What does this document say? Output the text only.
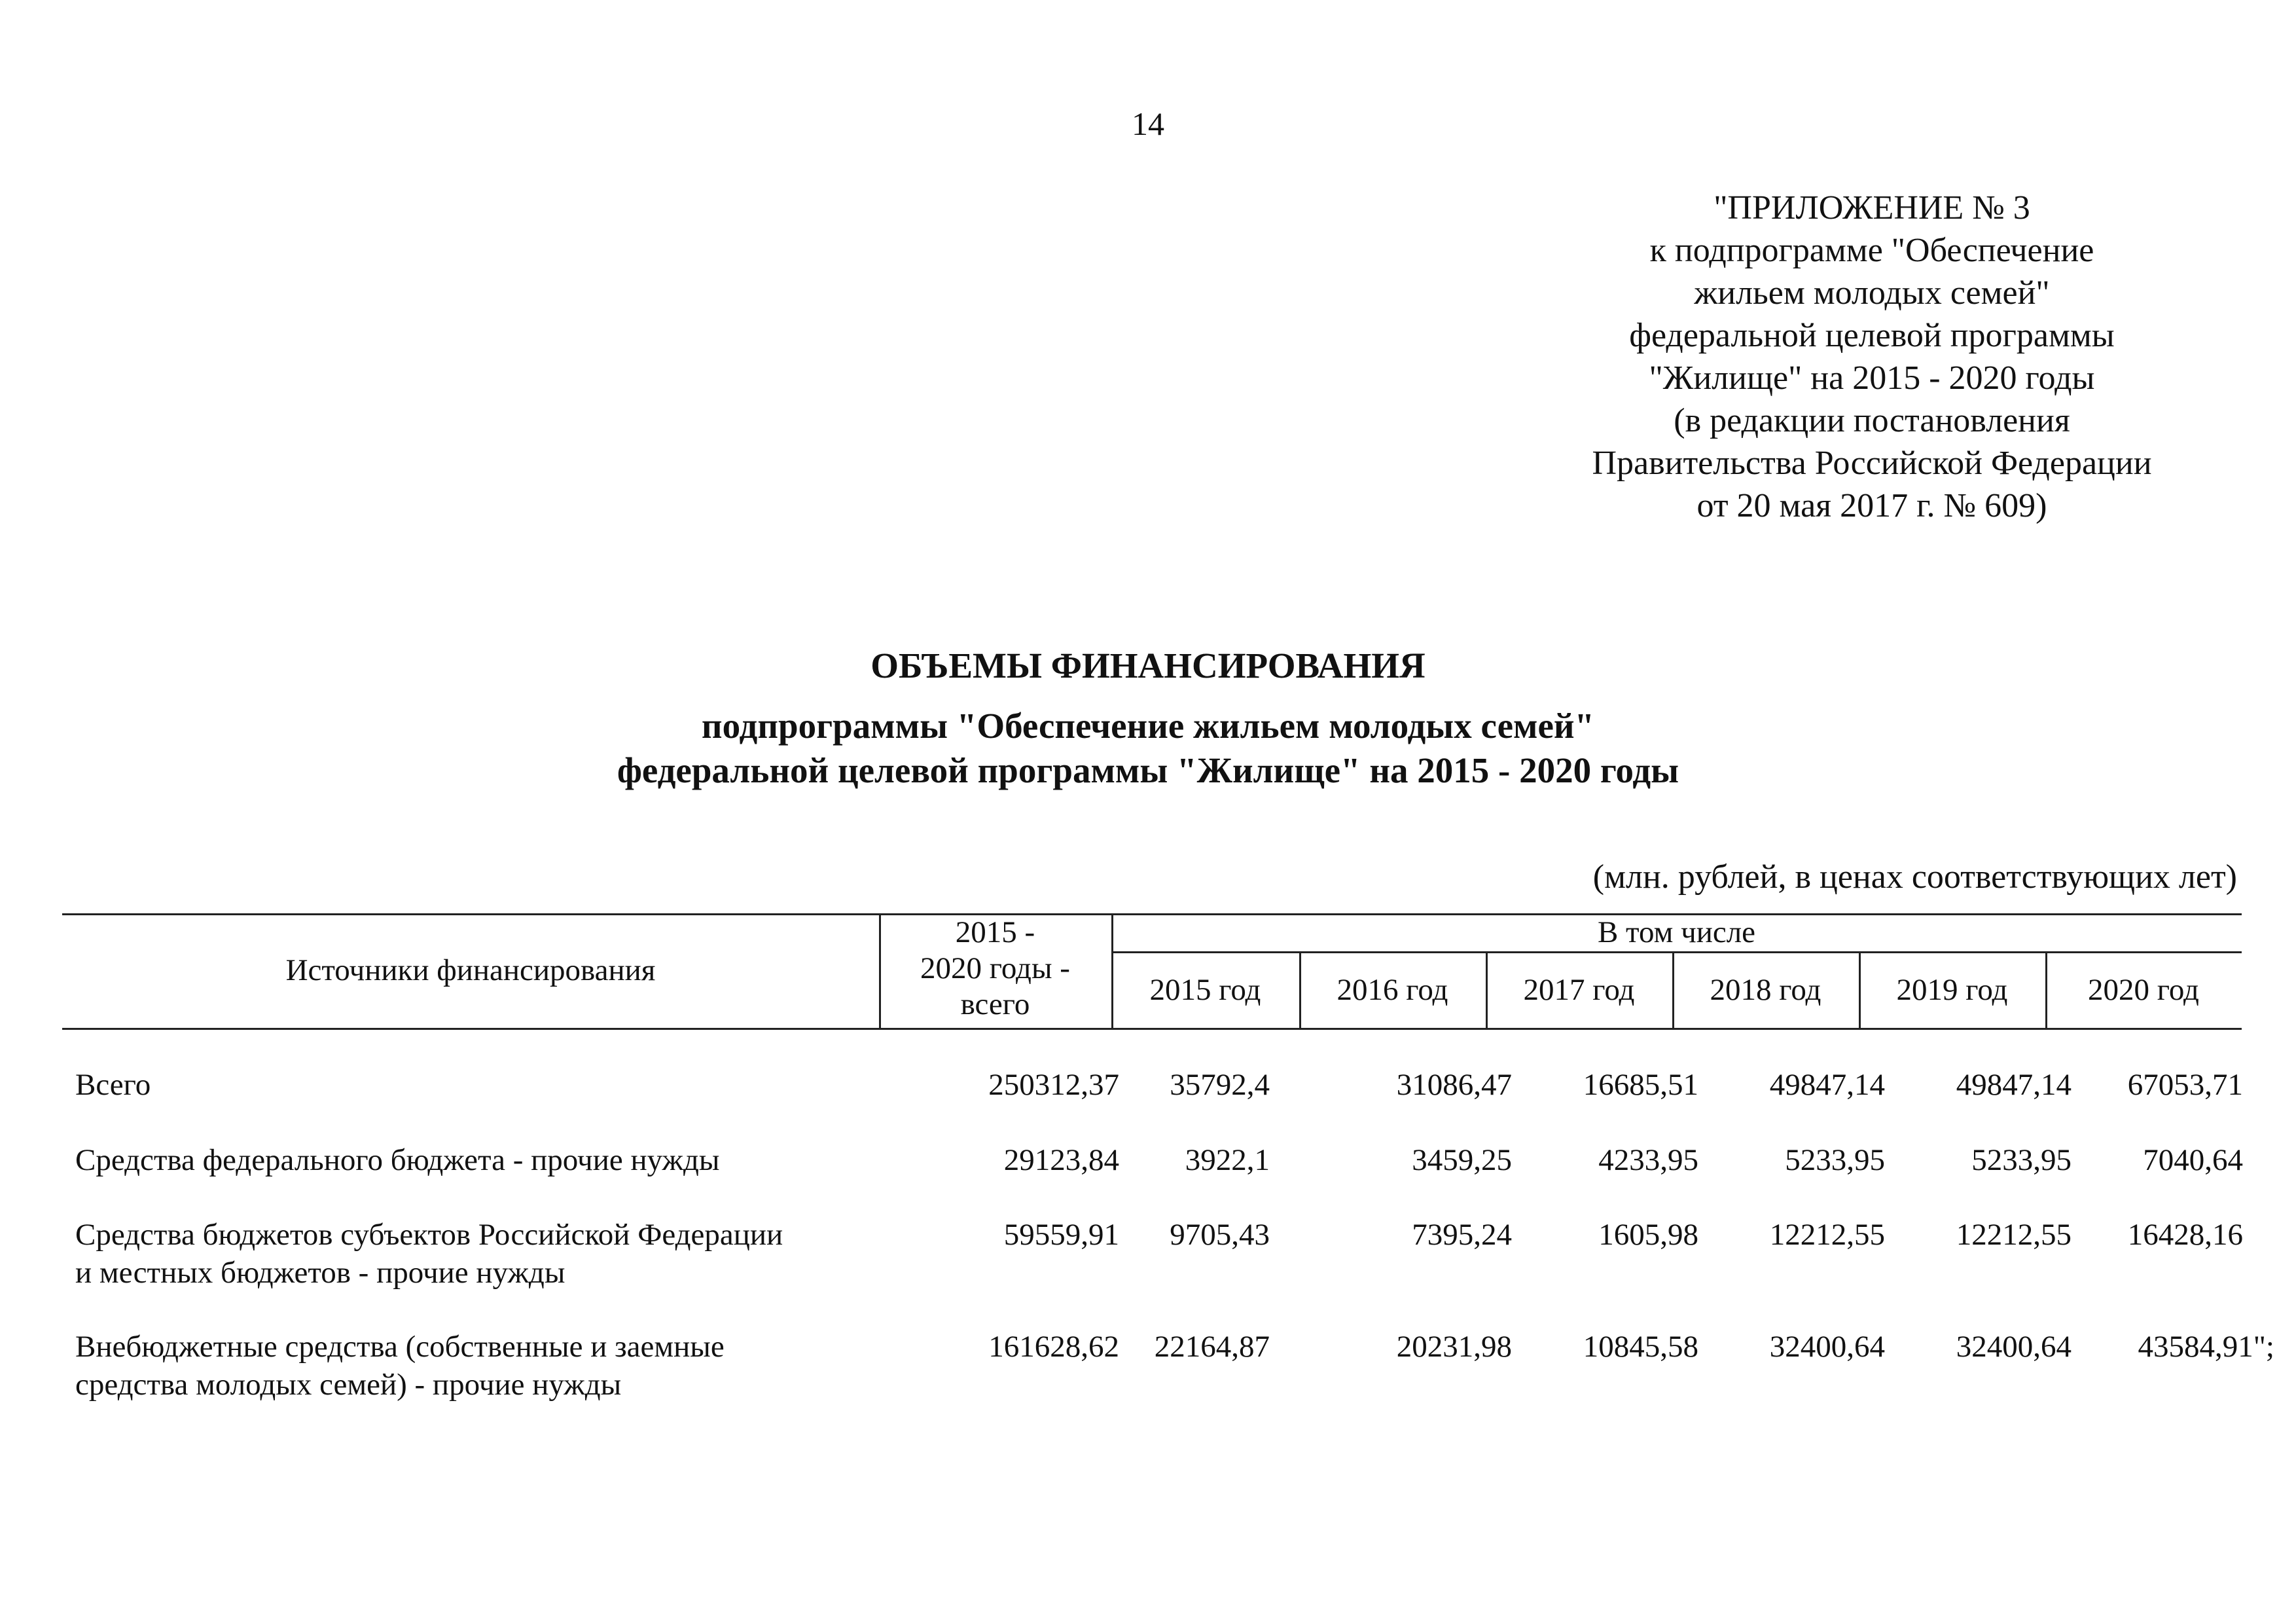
14
"ПРИЛОЖЕНИЕ № 3
к подпрограмме "Обеспечение
жильем молодых семей"
федеральной целевой программы
"Жилище" на 2015 - 2020 годы
(в редакции постановления
Правительства Российской Федерации
от 20 мая 2017 г. № 609)
ОБЪЕМЫ ФИНАНСИРОВАНИЯ
подпрограммы "Обеспечение жильем молодых семей"
федеральной целевой программы "Жилище" на 2015 - 2020 годы
(млн. рублей, в ценах соответствующих лет)
Источники финансирования
2015 -
2020 годы -
всего
В том числе
2015 год	2016 год	2017 год	2018 год	2019 год	2020 год
Всего	250312,37	35792,4	31086,47	16685,51	49847,14	49847,14	67053,71
Средства федерального бюджета - прочие нужды	29123,84	3922,1	3459,25	4233,95	5233,95	5233,95	7040,64
Средства бюджетов субъектов Российской Федерации
и местных бюджетов - прочие нужды
59559,91	9705,43	7395,24	1605,98	12212,55	12212,55	16428,16
Внебюджетные средства (собственные и заемные
средства молодых семей) - прочие нужды
161628,62	22164,87	20231,98	10845,58	32400,64	32400,64	43584,91";
